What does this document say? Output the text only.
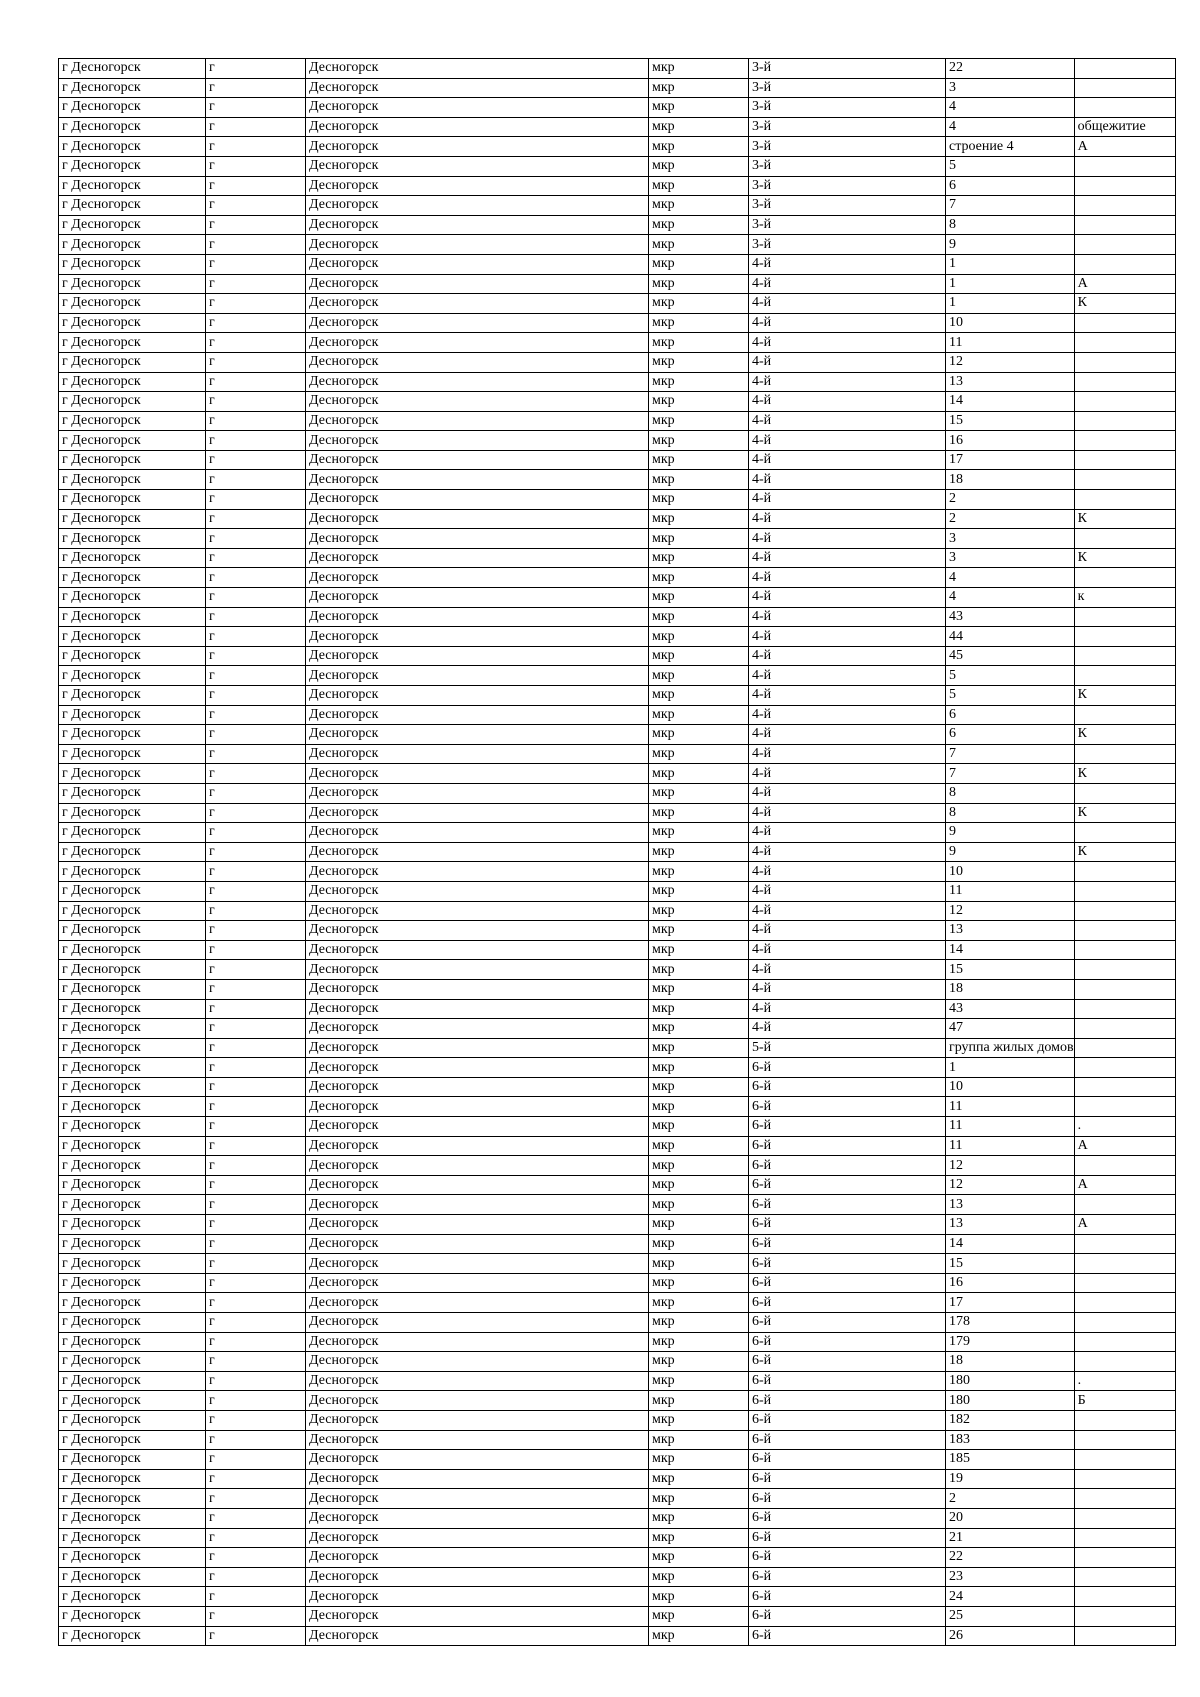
г Десногорск	г	Десногорск	мкр	3-й	22	
г Десногорск	г	Десногорск	мкр	3-й	3	
г Десногорск	г	Десногорск	мкр	3-й	4	
г Десногорск	г	Десногорск	мкр	3-й	4	общежитие
г Десногорск	г	Десногорск	мкр	3-й	строение 4	А
г Десногорск	г	Десногорск	мкр	3-й	5	
г Десногорск	г	Десногорск	мкр	3-й	6	
г Десногорск	г	Десногорск	мкр	3-й	7	
г Десногорск	г	Десногорск	мкр	3-й	8	
г Десногорск	г	Десногорск	мкр	3-й	9	
г Десногорск	г	Десногорск	мкр	4-й	1	
г Десногорск	г	Десногорск	мкр	4-й	1	А
г Десногорск	г	Десногорск	мкр	4-й	1	К
г Десногорск	г	Десногорск	мкр	4-й	10	
г Десногорск	г	Десногорск	мкр	4-й	11	
г Десногорск	г	Десногорск	мкр	4-й	12	
г Десногорск	г	Десногорск	мкр	4-й	13	
г Десногорск	г	Десногорск	мкр	4-й	14	
г Десногорск	г	Десногорск	мкр	4-й	15	
г Десногорск	г	Десногорск	мкр	4-й	16	
г Десногорск	г	Десногорск	мкр	4-й	17	
г Десногорск	г	Десногорск	мкр	4-й	18	
г Десногорск	г	Десногорск	мкр	4-й	2	
г Десногорск	г	Десногорск	мкр	4-й	2	К
г Десногорск	г	Десногорск	мкр	4-й	3	
г Десногорск	г	Десногорск	мкр	4-й	3	К
г Десногорск	г	Десногорск	мкр	4-й	4	
г Десногорск	г	Десногорск	мкр	4-й	4	к
г Десногорск	г	Десногорск	мкр	4-й	43	
г Десногорск	г	Десногорск	мкр	4-й	44	
г Десногорск	г	Десногорск	мкр	4-й	45	
г Десногорск	г	Десногорск	мкр	4-й	5	
г Десногорск	г	Десногорск	мкр	4-й	5	К
г Десногорск	г	Десногорск	мкр	4-й	6	
г Десногорск	г	Десногорск	мкр	4-й	6	К
г Десногорск	г	Десногорск	мкр	4-й	7	
г Десногорск	г	Десногорск	мкр	4-й	7	К
г Десногорск	г	Десногорск	мкр	4-й	8	
г Десногорск	г	Десногорск	мкр	4-й	8	К
г Десногорск	г	Десногорск	мкр	4-й	9	
г Десногорск	г	Десногорск	мкр	4-й	9	К
г Десногорск	г	Десногорск	мкр	4-й	10	
г Десногорск	г	Десногорск	мкр	4-й	11	
г Десногорск	г	Десногорск	мкр	4-й	12	
г Десногорск	г	Десногорск	мкр	4-й	13	
г Десногорск	г	Десногорск	мкр	4-й	14	
г Десногорск	г	Десногорск	мкр	4-й	15	
г Десногорск	г	Десногорск	мкр	4-й	18	
г Десногорск	г	Десногорск	мкр	4-й	43	
г Десногорск	г	Десногорск	мкр	4-й	47	
г Десногорск	г	Десногорск	мкр	5-й	группа жилых домов	
г Десногорск	г	Десногорск	мкр	6-й	1	
г Десногорск	г	Десногорск	мкр	6-й	10	
г Десногорск	г	Десногорск	мкр	6-й	11	
г Десногорск	г	Десногорск	мкр	6-й	11	.
г Десногорск	г	Десногорск	мкр	6-й	11	А
г Десногорск	г	Десногорск	мкр	6-й	12	
г Десногорск	г	Десногорск	мкр	6-й	12	А
г Десногорск	г	Десногорск	мкр	6-й	13	
г Десногорск	г	Десногорск	мкр	6-й	13	А
г Десногорск	г	Десногорск	мкр	6-й	14	
г Десногорск	г	Десногорск	мкр	6-й	15	
г Десногорск	г	Десногорск	мкр	6-й	16	
г Десногорск	г	Десногорск	мкр	6-й	17	
г Десногорск	г	Десногорск	мкр	6-й	178	
г Десногорск	г	Десногорск	мкр	6-й	179	
г Десногорск	г	Десногорск	мкр	6-й	18	
г Десногорск	г	Десногорск	мкр	6-й	180	.
г Десногорск	г	Десногорск	мкр	6-й	180	Б
г Десногорск	г	Десногорск	мкр	6-й	182	
г Десногорск	г	Десногорск	мкр	6-й	183	
г Десногорск	г	Десногорск	мкр	6-й	185	
г Десногорск	г	Десногорск	мкр	6-й	19	
г Десногорск	г	Десногорск	мкр	6-й	2	
г Десногорск	г	Десногорск	мкр	6-й	20	
г Десногорск	г	Десногорск	мкр	6-й	21	
г Десногорск	г	Десногорск	мкр	6-й	22	
г Десногорск	г	Десногорск	мкр	6-й	23	
г Десногорск	г	Десногорск	мкр	6-й	24	
г Десногорск	г	Десногорск	мкр	6-й	25	
г Десногорск	г	Десногорск	мкр	6-й	26	
